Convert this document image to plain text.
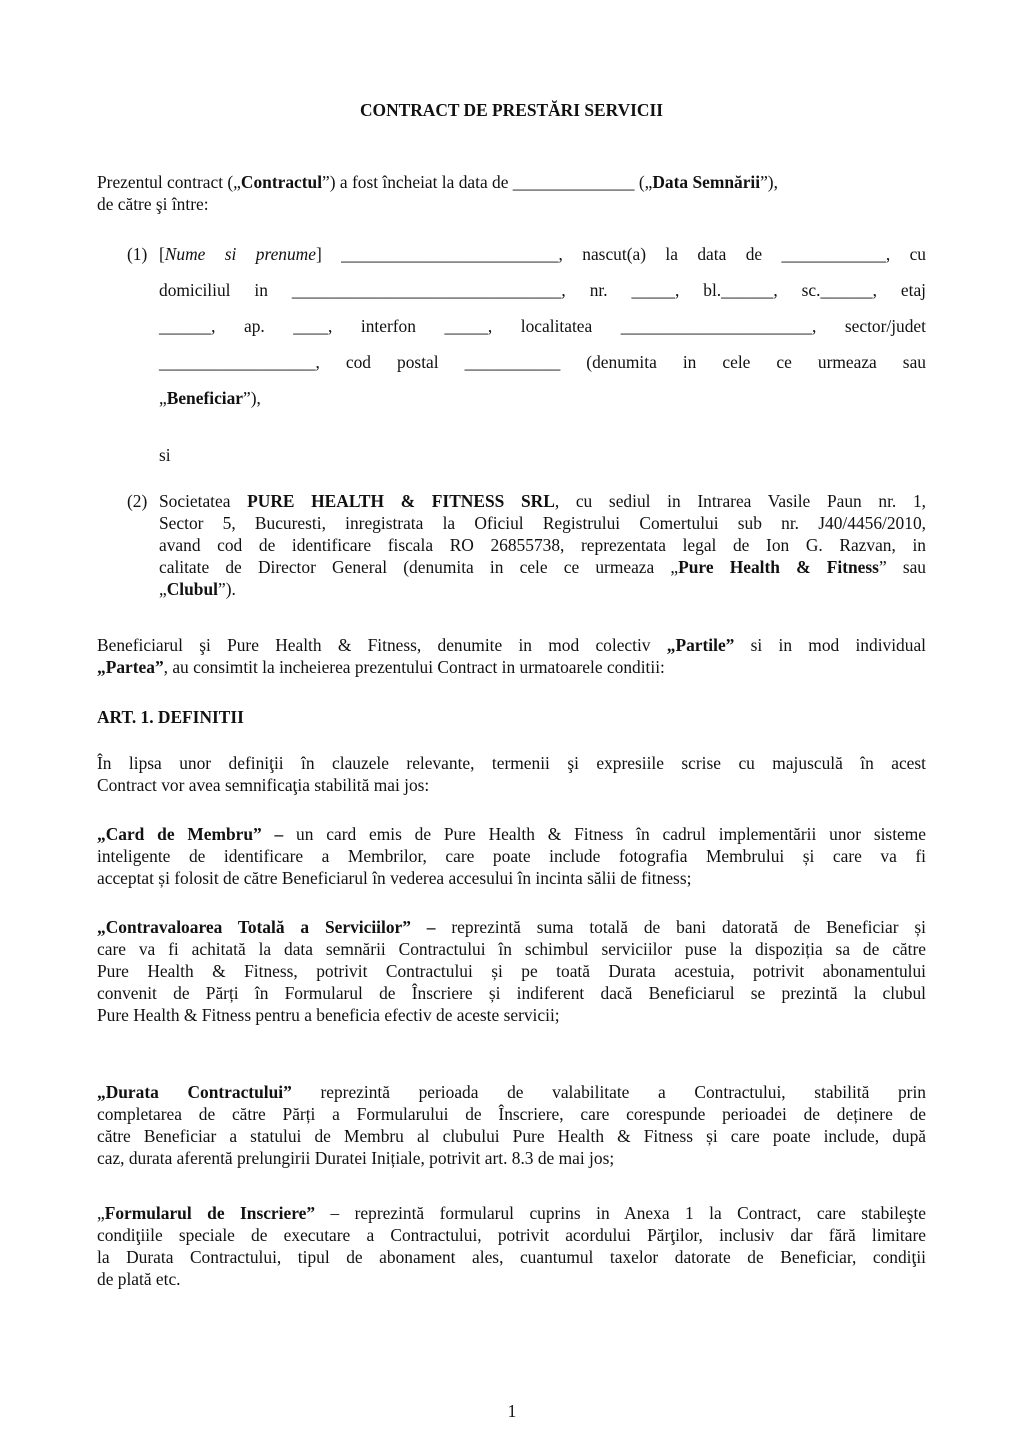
CONTRACT DE PRESTĂRI SERVICII
Prezentul contract („Contractul”) a fost încheiat la data de ______________ („Data Semnării”),
de către şi între:
(1) [Nume si prenume] _________________________, nascut(a) la data de ____________, cu
domiciliul in _______________________________, nr. _____, bl.______, sc.______, etaj
______, ap. ____, interfon _____, localitatea ______________________, sector/judet
__________________, cod postal ___________ (denumita in cele ce urmeaza sau
„Beneficiar”),
si
(2) Societatea PURE HEALTH & FITNESS SRL, cu sediul in Intrarea Vasile Paun nr. 1,
Sector 5, Bucuresti, inregistrata la Oficiul Registrului Comertului sub nr. J40/4456/2010,
avand cod de identificare fiscala RO 26855738, reprezentata legal de Ion G. Razvan, in
calitate de Director General (denumita in cele ce urmeaza „Pure Health & Fitness” sau
„Clubul”).
Beneficiarul şi Pure Health & Fitness, denumite in mod colectiv „Partile” si in mod individual
„Partea”, au consimtit la incheierea prezentului Contract in urmatoarele conditii:
ART. 1. DEFINITII
În lipsa unor definiţii în clauzele relevante, termenii şi expresiile scrise cu majusculă în acest
Contract vor avea semnificaţia stabilită mai jos:
„Card de Membru” – un card emis de Pure Health & Fitness în cadrul implementării unor sisteme
inteligente de identificare a Membrilor, care poate include fotografia Membrului și care va fi
acceptat și folosit de către Beneficiarul în vederea accesului în incinta sălii de fitness;
„Contravaloarea Totală a Serviciilor” – reprezintă suma totală de bani datorată de Beneficiar și
care va fi achitată la data semnării Contractului în schimbul serviciilor puse la dispoziția sa de către
Pure Health & Fitness, potrivit Contractului și pe toată Durata acestuia, potrivit abonamentului
convenit de Părți în Formularul de Înscriere și indiferent dacă Beneficiarul se prezintă la clubul
Pure Health & Fitness pentru a beneficia efectiv de aceste servicii;
„Durata Contractului” reprezintă perioada de valabilitate a Contractului, stabilită prin
completarea de către Părți a Formularului de Înscriere, care corespunde perioadei de deținere de
către Beneficiar a statului de Membru al clubului Pure Health & Fitness și care poate include, după
caz, durata aferentă prelungirii Duratei Inițiale, potrivit art. 8.3 de mai jos;
„Formularul de Inscriere” – reprezintă formularul cuprins in Anexa 1 la Contract, care stabileşte
condiţiile speciale de executare a Contractului, potrivit acordului Părţilor, inclusiv dar fără limitare
la Durata Contractului, tipul de abonament ales, cuantumul taxelor datorate de Beneficiar, condiţii
de plată etc.
1
